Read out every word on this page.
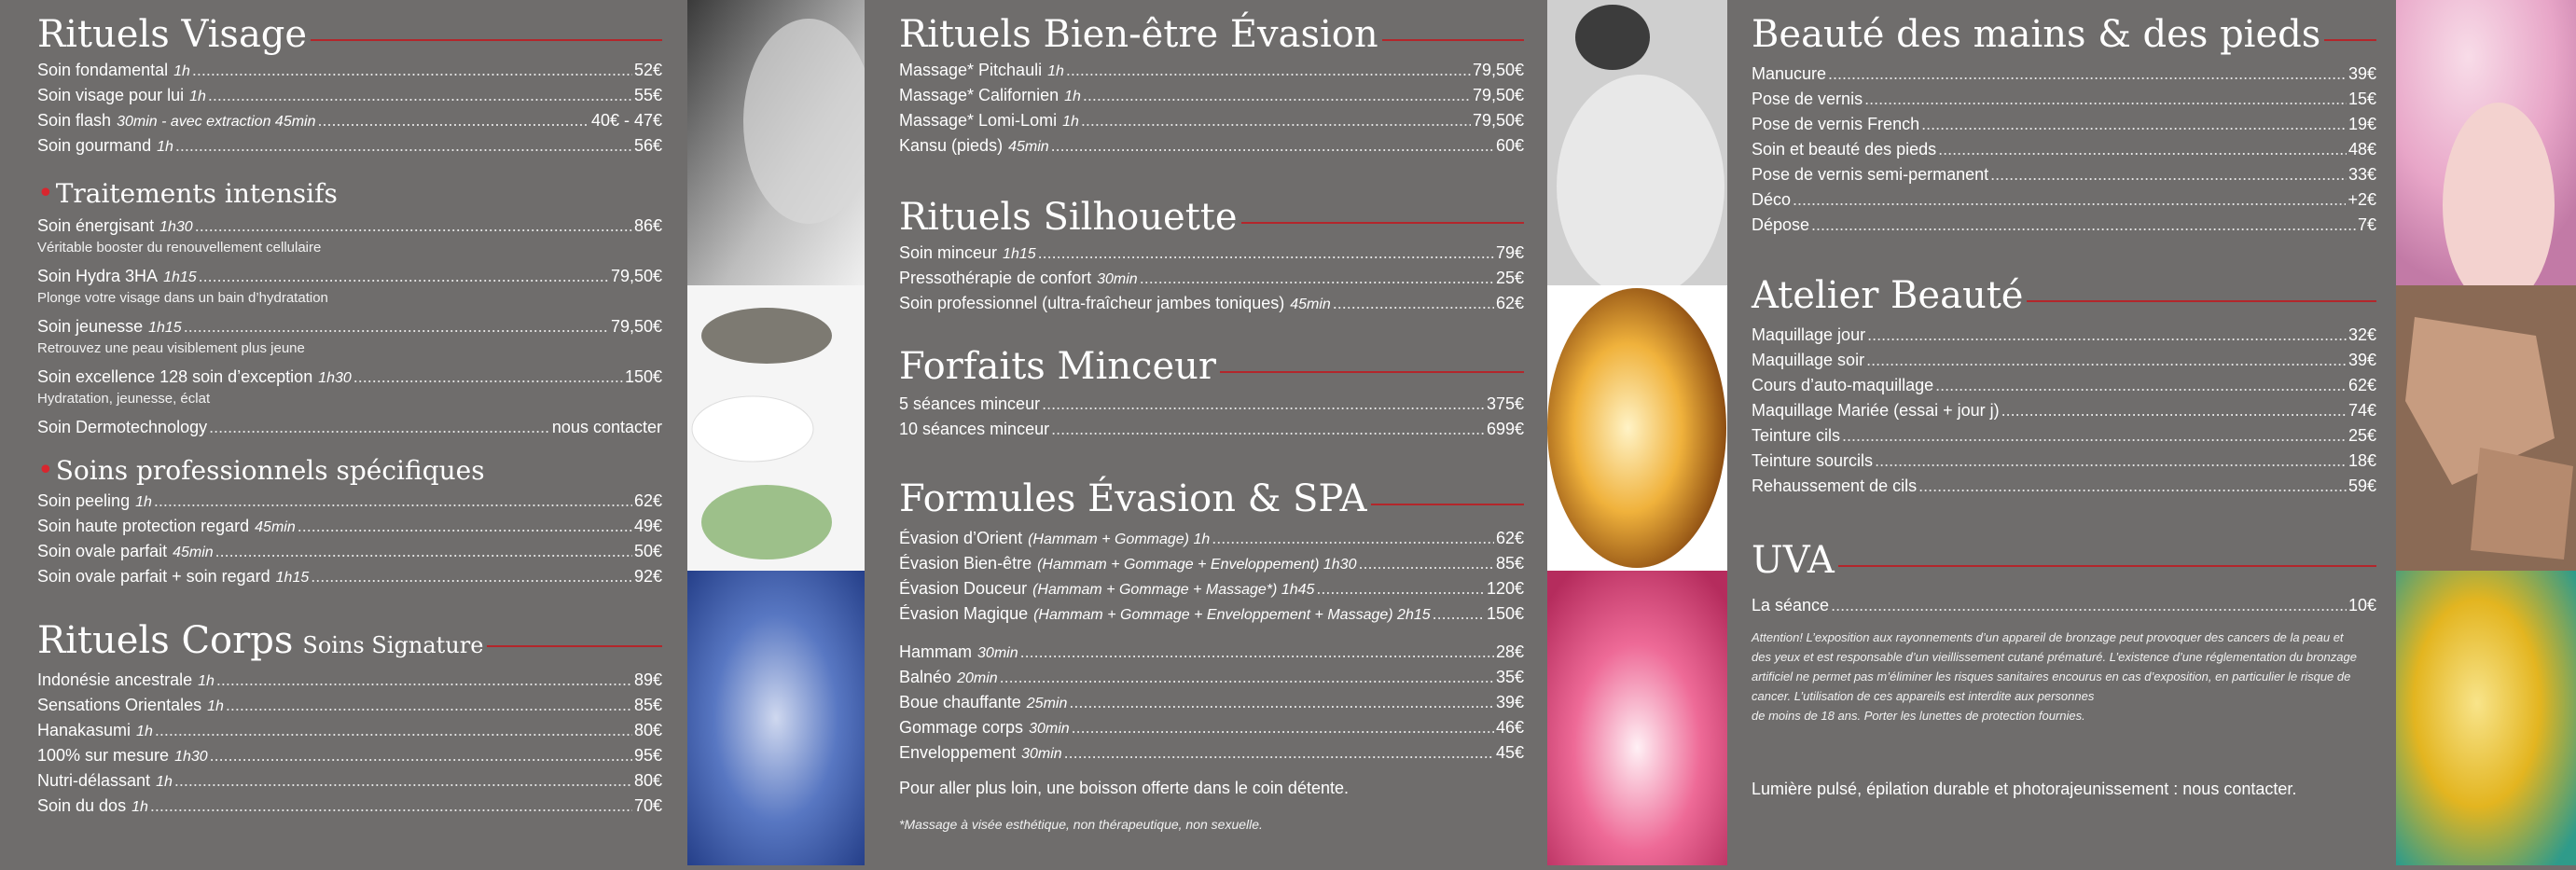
Rituels Visage
Soin fondamental 1h .....	52€
Soin visage pour lui 1h .....	55€
Soin flash 30min - avec extraction 45min .....	40€ - 47€
Soin gourmand 1h .....	56€
•Traitements intensifs
Soin énergisant 1h30 .....	86€
Véritable booster du renouvellement cellulaire
Soin Hydra 3HA 1h15 .....	79,50€
Plonge votre visage dans un bain d’hydratation
Soin jeunesse 1h15 .....	79,50€
Retrouvez une peau visiblement plus jeune
Soin excellence 128 soin d’exception 1h30 .....	150€
Hydratation, jeunesse, éclat
Soin Dermotechnology .....	nous contacter
•Soins professionnels spécifiques
Soin peeling 1h .....	62€
Soin haute protection regard 45min .....	49€
Soin ovale parfait 45min .....	50€
Soin ovale parfait + soin regard 1h15 .....	92€
Rituels Corps Soins Signature
Indonésie ancestrale 1h .....	89€
Sensations Orientales 1h .....	85€
Hanakasumi 1h .....	80€
100% sur mesure 1h30 .....	95€
Nutri-délassant 1h .....	80€
Soin du dos 1h .....	70€
Rituels Bien-être Évasion
Massage* Pitchauli 1h .....	79,50€
Massage* Californien 1h .....	79,50€
Massage* Lomi-Lomi 1h .....	79,50€
Kansu (pieds) 45min .....	60€
Rituels Silhouette
Soin minceur 1h15 .....	79€
Pressothérapie de confort 30min .....	25€
Soin professionnel (ultra-fraîcheur jambes toniques) 45min .....	62€
Forfaits Minceur
5 séances minceur .....	375€
10 séances minceur .....	699€
Formules Évasion & SPA
Évasion d’Orient (Hammam + Gommage) 1h .....	62€
Évasion Bien-être (Hammam + Gommage + Enveloppement) 1h30 .....	85€
Évasion Douceur (Hammam + Gommage + Massage*) 1h45 .....	120€
Évasion Magique (Hammam + Gommage + Enveloppement + Massage) 2h15 .....	150€
Hammam 30min .....	28€
Balnéo 20min .....	35€
Boue chauffante 25min .....	39€
Gommage corps 30min .....	46€
Enveloppement 30min .....	45€
Pour aller plus loin, une boisson offerte dans le coin détente.
*Massage à visée esthétique, non thérapeutique, non sexuelle.
Beauté des mains & des pieds
Manucure .....	39€
Pose de vernis .....	15€
Pose de vernis French .....	19€
Soin et beauté des pieds .....	48€
Pose de vernis semi-permanent .....	33€
Déco .....	+2€
Dépose .....	7€
Atelier Beauté
Maquillage jour .....	32€
Maquillage soir .....	39€
Cours d’auto-maquillage .....	62€
Maquillage Mariée (essai + jour j) .....	74€
Teinture cils .....	25€
Teinture sourcils .....	18€
Rehaussement de cils .....	59€
UVA
La séance .....	10€
Attention! L’exposition aux rayonnements d’un appareil de bronzage peut provoquer des cancers de la peau et
des yeux et est responsable d’un vieillissement cutané prématuré. L’existence d’une réglementation du bronzage
artificiel ne permet pas m’éliminer les risques sanitaires encourus en cas d’exposition, en particulier le risque de
cancer. L’utilisation de ces appareils est interdite aux personnes
de moins de 18 ans. Porter les lunettes de protection fournies.
Lumière pulsé, épilation durable et photorajeunissement : nous contacter.
